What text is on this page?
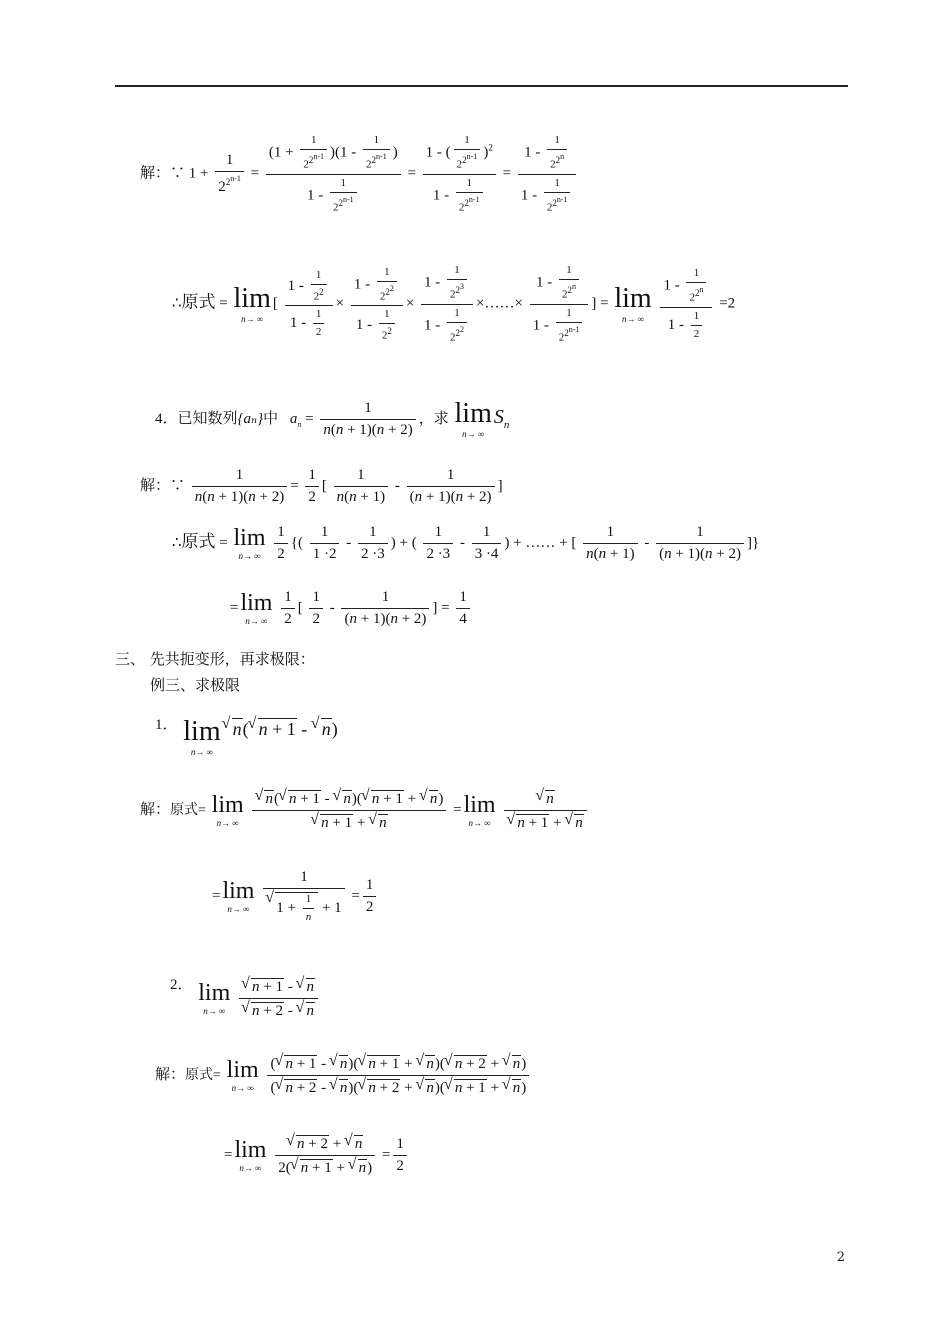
解：∵ $1 + \frac{1}{2^{2^{n-1}}} = \frac{(1 + \frac{1}{2^{2^{n-1}}} )(1 - \frac{1}{2^{2^{n-1}}} )}{1 - \frac{1}{2^{2^{n-1}}}} = \frac{1 - ( \frac{1}{2^{2^{n-1}}} )^2}{1 - \frac{1}{2^{2^{n-1}}}} = \frac{1 - \frac{1}{2^{2^n}}}{1 - \frac{1}{2^{2^{n-1}}}}$
∴原式 = lim
n→ ∞
[ $\frac{1 - \frac{1}{2^2}}{1 - \frac{1}{2}} \times \frac{1 - \frac{1}{2^{2^2}}}{1 - \frac{1}{2^2}} \times \frac{1 - \frac{1}{2^{2^3}}}{1 - \frac{1}{2^{2^2}}}$ ×……× $\frac{1 - \frac{1}{2^{2^n}}}{1 - \frac{1}{2^{2^{n-1}}}}$ ] = lim
n→ ∞
	$\frac{1 - \frac{1}{2^{2^n}}}{1 - \frac{1}{2}} =2$
4．已知数列{aₙ}中 $a_n = \frac{1}{n(n + 1)(n + 2)}$ ，求 lim
n→ ∞
$S_n$
解：∵ $\frac{1}{n(n + 1)(n + 2)} = \frac{1}{2}$ [ $\frac{1}{n(n + 1)} - \frac{1}{(n + 1)(n + 2)}$ ]
∴原式 = lim
n→ ∞
$\frac{1}{2}$ {( $\frac{1}{1 \cdot 2} - \frac{1}{2 \cdot 3}$ ) + ( $\frac{1}{2 \cdot 3} - \frac{1}{3 \cdot 4}$ ) + …… + [ $\frac{1}{n(n + 1)} - \frac{1}{(n + 1)(n + 2)}$ ]}
= lim
n→ ∞
$\frac{1}{2}$ [ $\frac{1}{2} - \frac{1}{(n + 1)(n + 2)}$ ] = $\frac{1}{4}$
三、 先共扼变形，再求极限：
例三、求极限
1． lim
n→ ∞
√ n( √ n + 1 - √ n)
解：原式= lim
n→ ∞
√ n( √ n + 1 - √ n)( √ n + 1 + √ n)
√ n + 1 + √ n = lim
n→ ∞
√ n
√ n + 1 + √ n
= lim
n→ ∞
1
√ $1 + \frac{1}{n} + 1 = \frac{1}{2}$
2． lim
n→ ∞
√ n + 1 - √ n
√ n + 2 - √ n
解：原式= lim
n→ ∞
$\frac{( √ n + 1 - √ n)( √ n + 1 + √ n)( √ n + 2 + √ n)}{( √ n + 2 - √ n)( √ n + 2 + √ n)( √ n + 1 + √ n)}$
= lim
n→ ∞
√ $\frac{n + 2 + √ n}{2( √ n + 1 + √ n)} = \frac{1}{2}$
2
